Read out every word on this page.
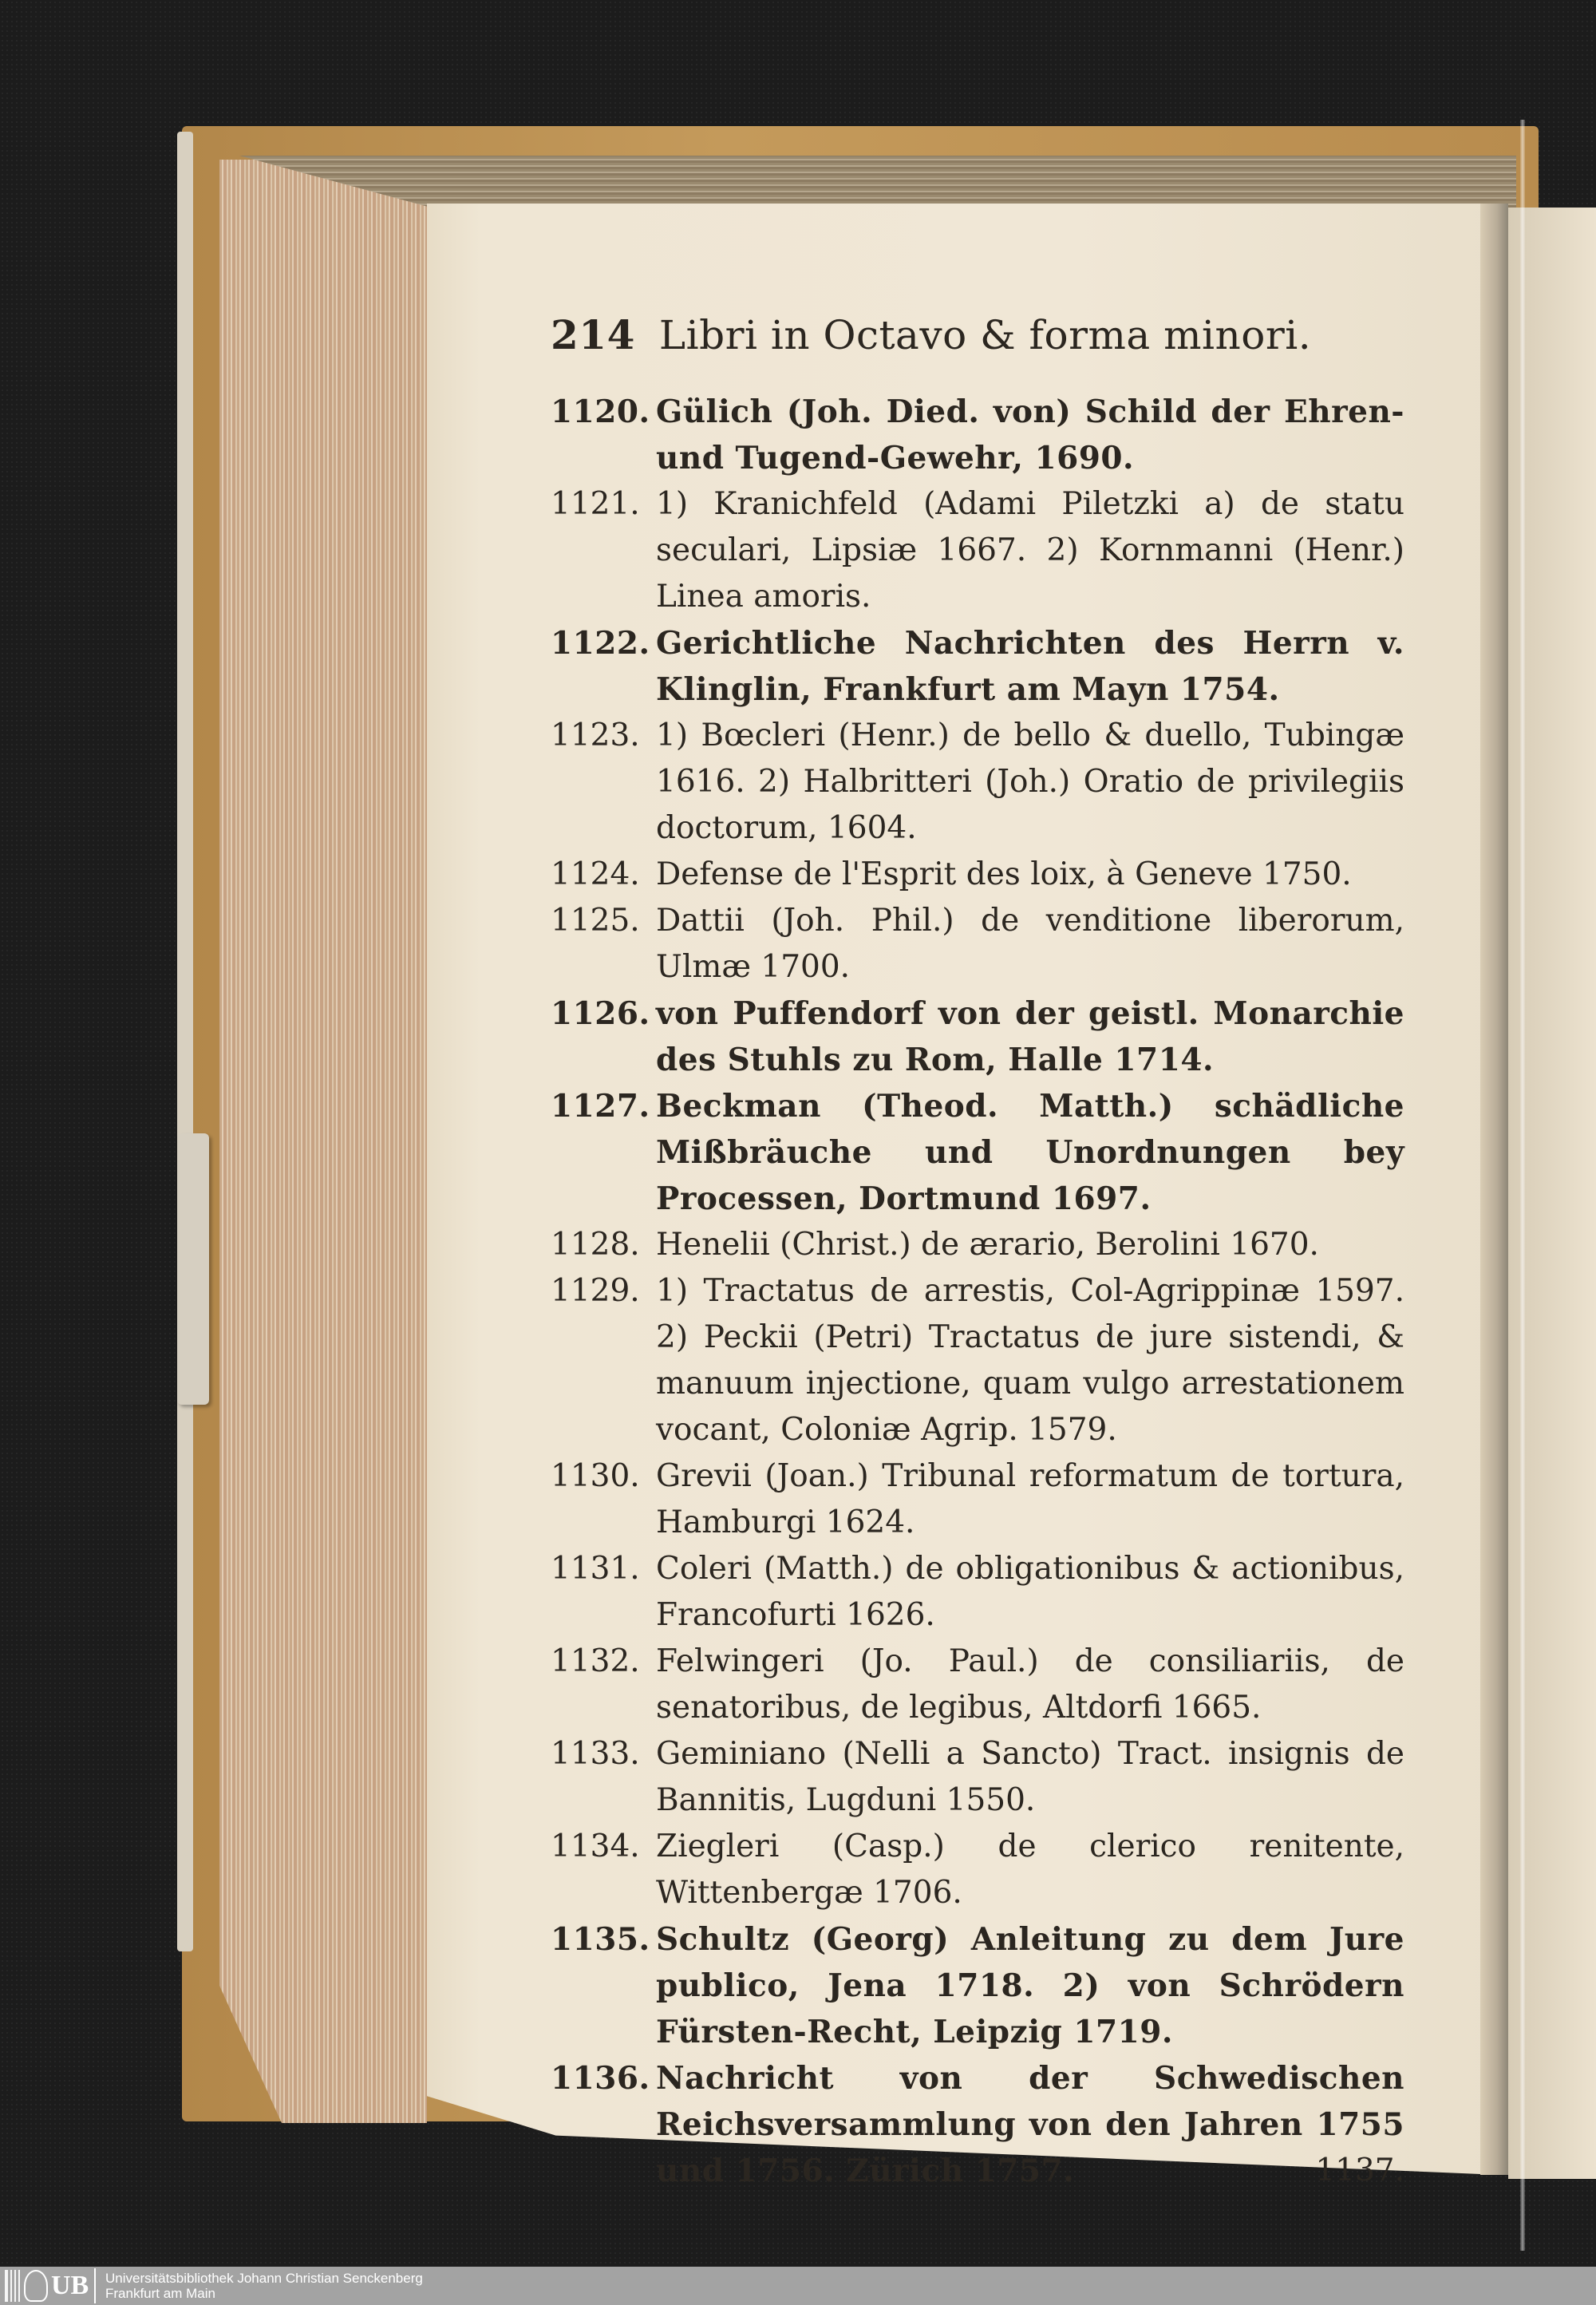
214 Libri in Octavo & forma minori.
1120. Gülich (Joh. Died. von) Schild der Ehren- und Tugend-Gewehr, 1690.
1121. 1) Kranichfeld (Adami Piletzki a) de statu seculari, Lipsiæ 1667. 2) Kornmanni (Henr.) Linea amoris.
1122. Gerichtliche Nachrichten des Herrn v. Klinglin, Frankfurt am Mayn 1754.
1123. 1) Bœcleri (Henr.) de bello & duello, Tubingæ 1616. 2) Halbritteri (Joh.) Oratio de privilegiis doctorum, 1604.
1124. Defense de l'Esprit des loix, à Geneve 1750.
1125. Dattii (Joh. Phil.) de venditione liberorum, Ulmæ 1700.
1126. von Puffendorf von der geistl. Monarchie des Stuhls zu Rom, Halle 1714.
1127. Beckman (Theod. Matth.) schädliche Mißbräuche und Unordnungen bey Processen, Dortmund 1697.
1128. Henelii (Christ.) de ærario, Berolini 1670.
1129. 1) Tractatus de arrestis, Col-Agrippinæ 1597. 2) Peckii (Petri) Tractatus de jure sistendi, & manuum injectione, quam vulgo arrestationem vocant, Coloniæ Agrip. 1579.
1130. Grevii (Joan.) Tribunal reformatum de tortura, Hamburgi 1624.
1131. Coleri (Matth.) de obligationibus & actionibus, Francofurti 1626.
1132. Felwingeri (Jo. Paul.) de consiliariis, de senatoribus, de legibus, Altdorfi 1665.
1133. Geminiano (Nelli a Sancto) Tract. insignis de Bannitis, Lugduni 1550.
1134. Ziegleri (Casp.) de clerico renitente, Wittenbergæ 1706.
1135. Schultz (Georg) Anleitung zu dem Jure publico, Jena 1718. 2) von Schrödern Fürsten-Recht, Leipzig 1719.
1136. Nachricht von der Schwedischen Reichsversammlung von den Jahren 1755 und 1756. Zürich 1757.	1137.
UB Universitätsbibliothek Johann Christian Senckenberg
Frankfurt am Main
